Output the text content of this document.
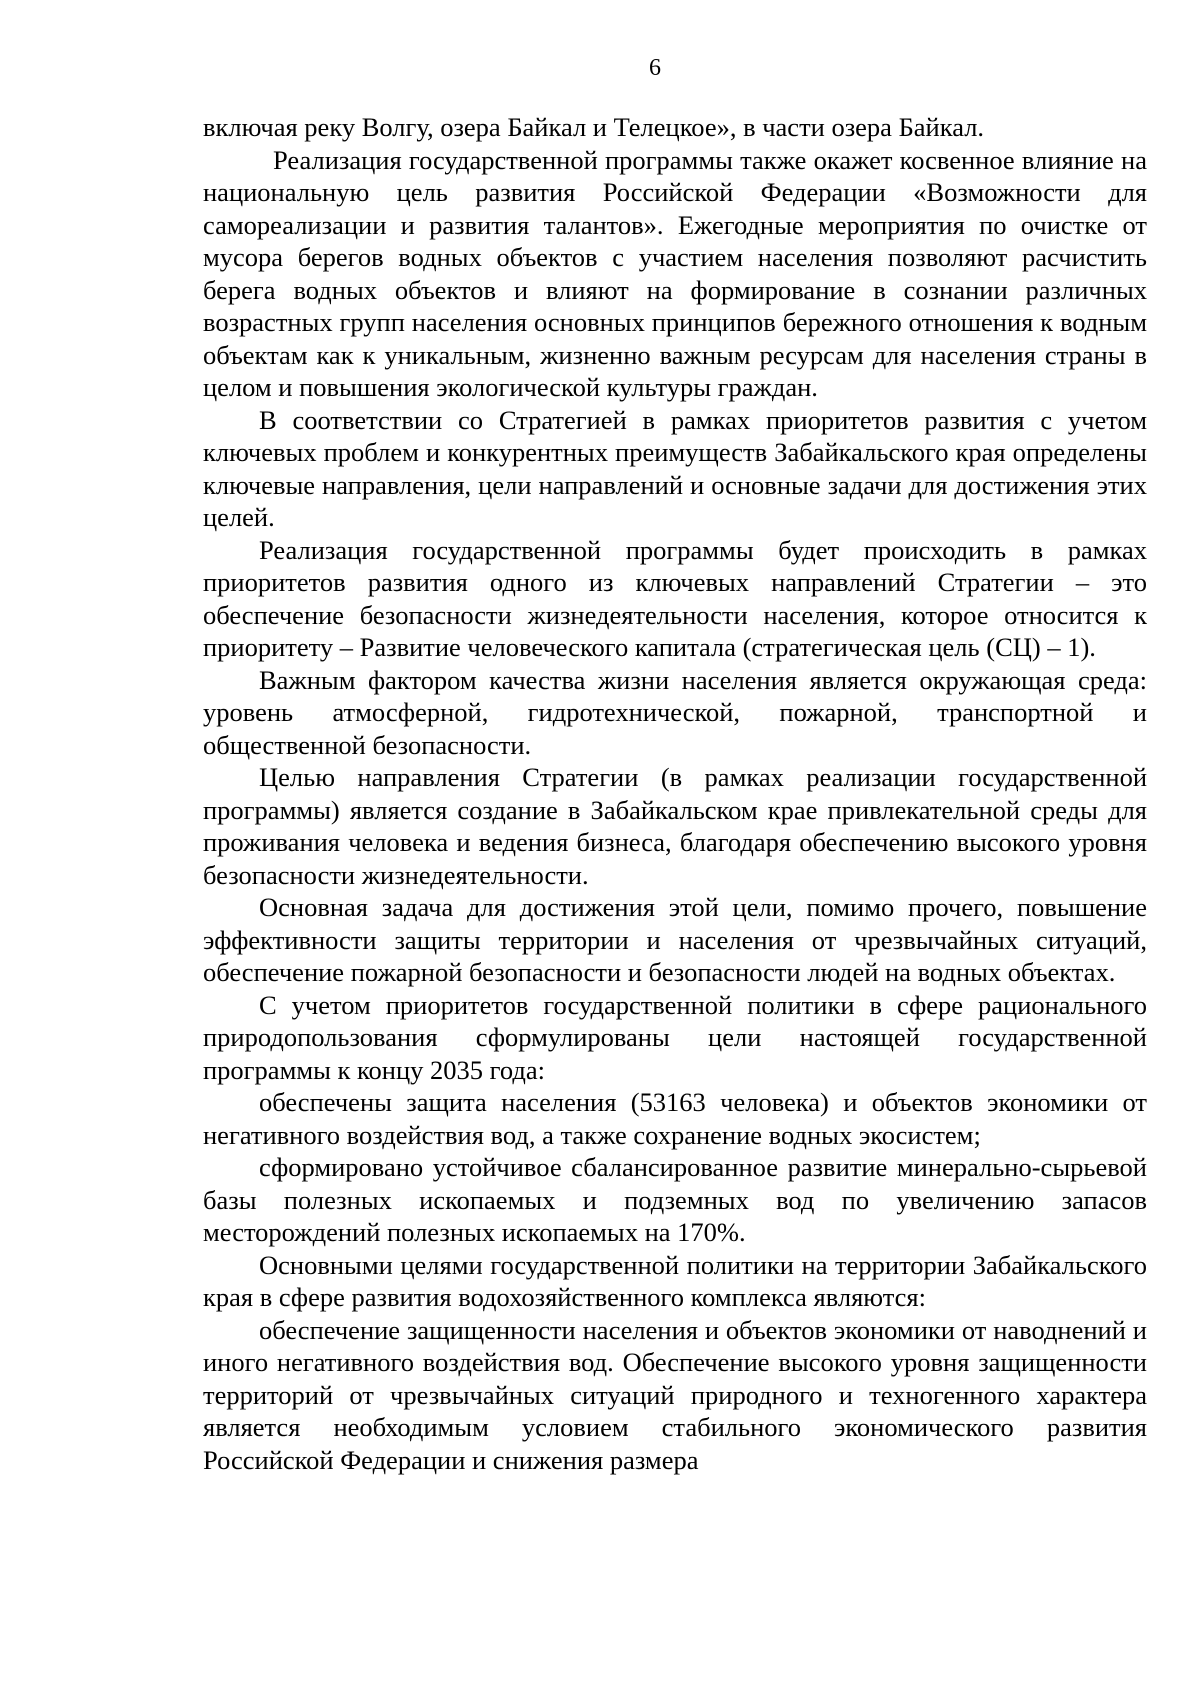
6

включая реку Волгу, озера Байкал и Телецкое», в части озера Байкал.

Реализация государственной программы также окажет косвенное влияние на национальную цель развития Российской Федерации «Возможности для самореализации и развития талантов». Ежегодные мероприятия по очистке от мусора берегов водных объектов с участием населения позволяют расчистить берега водных объектов и влияют на формирование в сознании различных возрастных групп населения основных принципов бережного отношения к водным объектам как к уникальным, жизненно важным ресурсам для населения страны в целом и повышения экологической культуры граждан.

В соответствии со Стратегией в рамках приоритетов развития с учетом ключевых проблем и конкурентных преимуществ Забайкальского края определены ключевые направления, цели направлений и основные задачи для достижения этих целей.

Реализация государственной программы будет происходить в рамках приоритетов развития одного из ключевых направлений Стратегии – это обеспечение безопасности жизнедеятельности населения, которое относится к приоритету – Развитие человеческого капитала (стратегическая цель (СЦ) – 1).

Важным фактором качества жизни населения является окружающая среда: уровень атмосферной, гидротехнической, пожарной, транспортной и общественной безопасности.

Целью направления Стратегии (в рамках реализации государственной программы) является создание в Забайкальском крае привлекательной среды для проживания человека и ведения бизнеса, благодаря обеспечению высокого уровня безопасности жизнедеятельности.

Основная задача для достижения этой цели, помимо прочего, повышение эффективности защиты территории и населения от чрезвычайных ситуаций, обеспечение пожарной безопасности и безопасности людей на водных объектах.

С учетом приоритетов государственной политики в сфере рационального природопользования сформулированы цели настоящей государственной программы к концу 2035 года:

обеспечены защита населения (53163 человека) и объектов экономики от негативного воздействия вод, а также сохранение водных экосистем;

сформировано устойчивое сбалансированное развитие минерально-сырьевой базы полезных ископаемых и подземных вод по увеличению запасов месторождений полезных ископаемых на 170%.

Основными целями государственной политики на территории Забайкальского края в сфере развития водохозяйственного комплекса являются:

обеспечение защищенности населения и объектов экономики от наводнений и иного негативного воздействия вод. Обеспечение высокого уровня защищенности территорий от чрезвычайных ситуаций природного и техногенного характера является необходимым условием стабильного экономического развития Российской Федерации и снижения размера
